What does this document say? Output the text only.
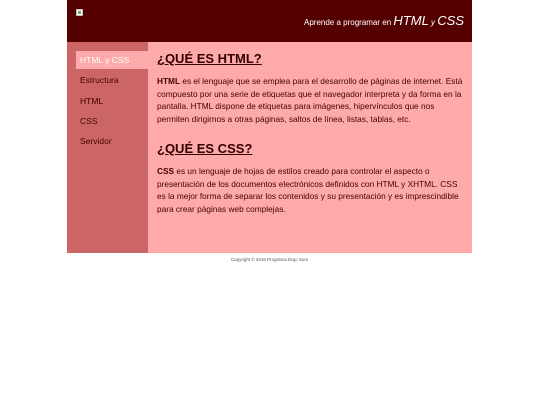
Aprende a programar en HTML y CSS
HTML y CSS
Estructura
HTML
CSS
Servidor
¿QUÉ ES HTML?

HTML es el lenguaje que se emplea para el desarrollo de páginas de internet. Está compuesto por una serie de etiquetas que el navegador interpreta y da forma en la pantalla. HTML dispone de etiquetas para imágenes, hipervínculos que nos permiten dirigirnos a otras páginas, saltos de línea, listas, tablas, etc.

¿QUÉ ES CSS?

CSS es un lenguaje de hojas de estilos creado para controlar el aspecto o presentación de los documentos electrónicos definidos con HTML y XHTML. CSS es la mejor forma de separar los contenidos y su presentación y es imprescindible para crear páginas web complejas.

Copyright © 2016 Programa Ergo Sum
